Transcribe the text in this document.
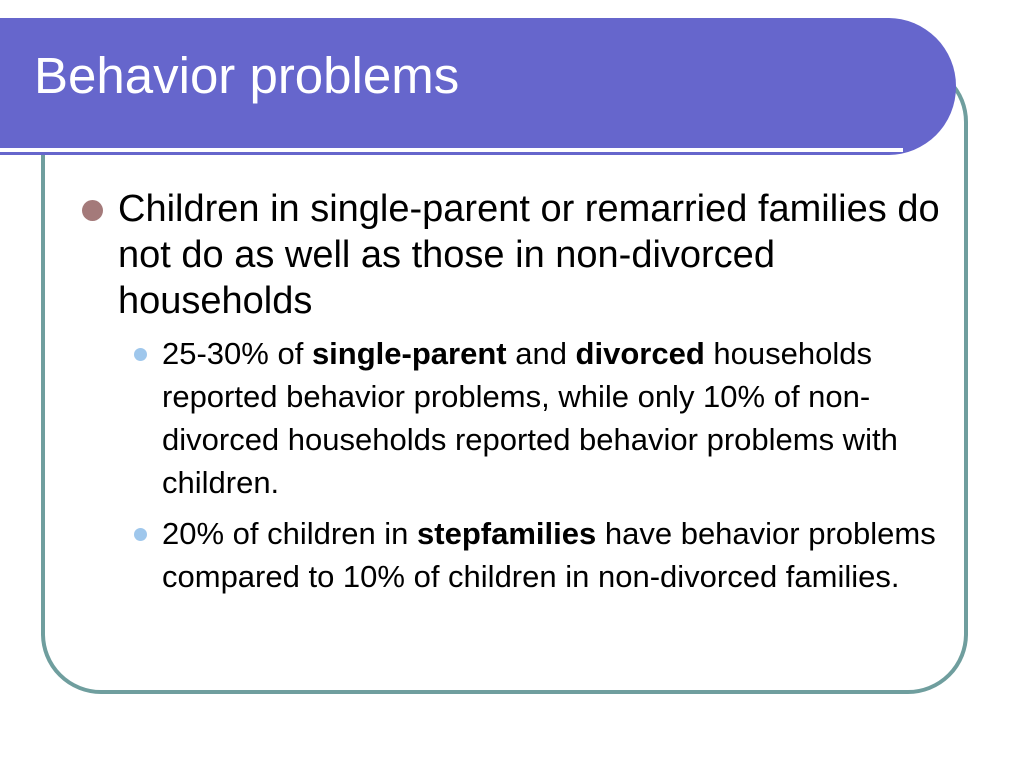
Behavior problems

Children in single-parent or remarried families do not do as well as those in non-divorced households

25-30% of single-parent and divorced households reported behavior problems, while only 10% of non-divorced households reported behavior problems with children.

20% of children in stepfamilies have behavior problems compared to 10% of children in non-divorced families.
